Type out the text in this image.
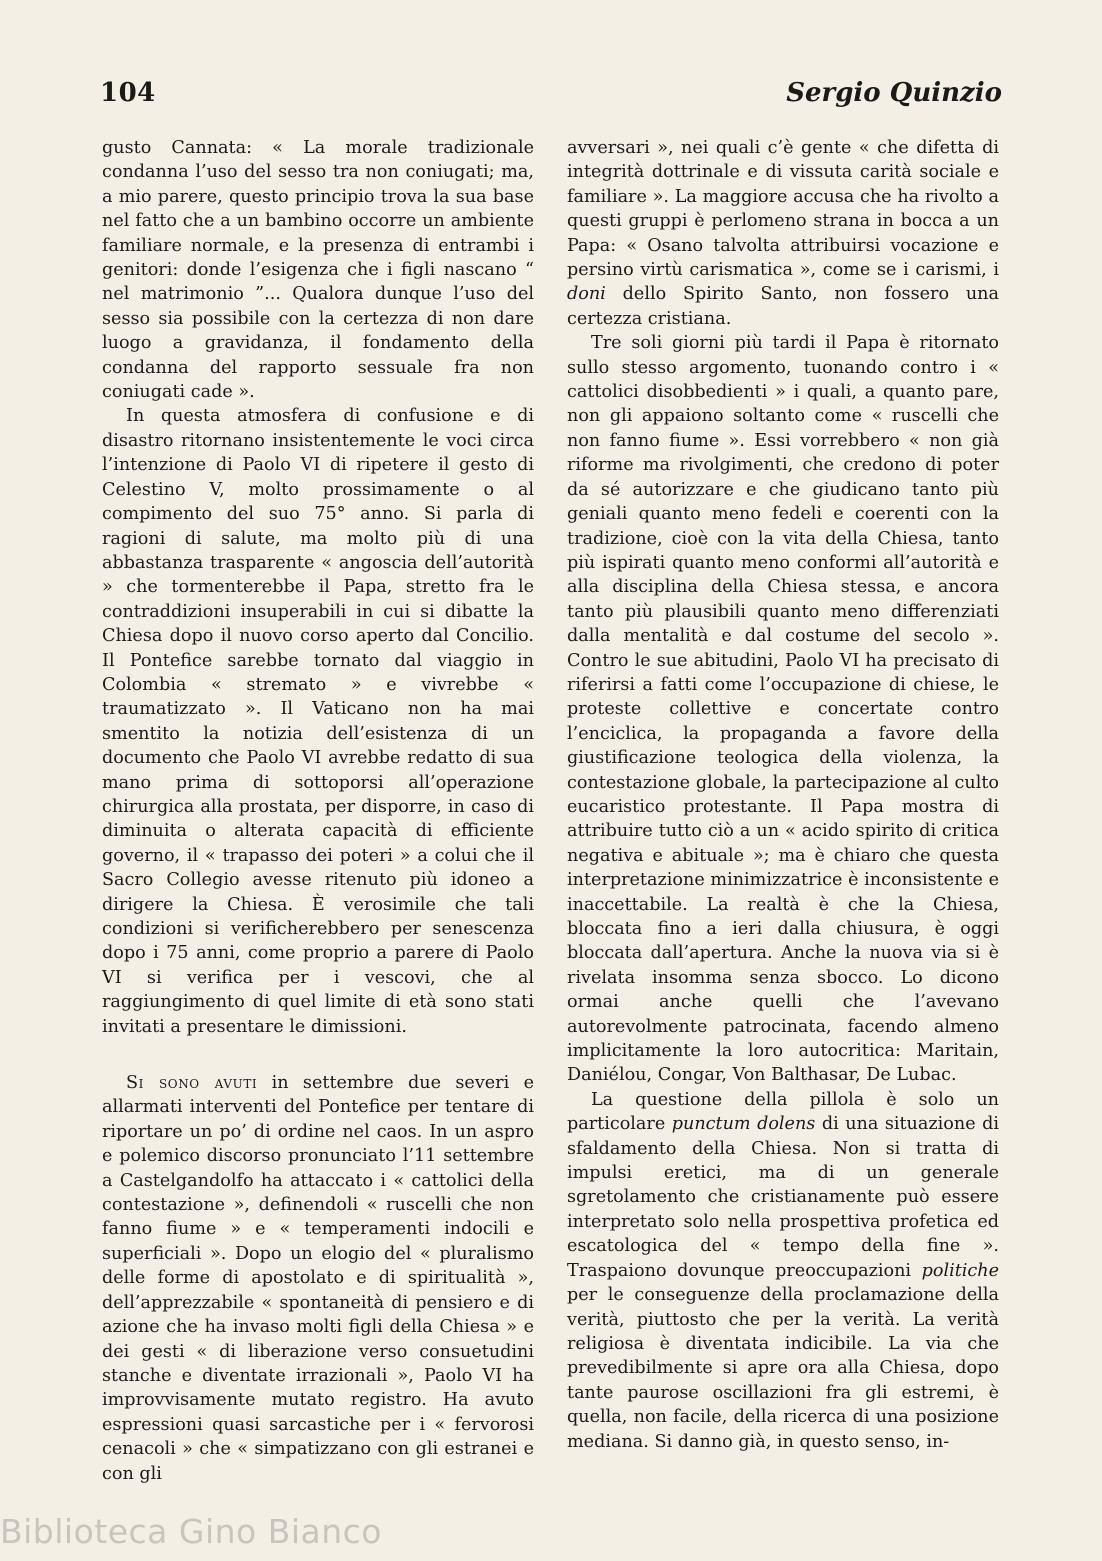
104	Sergio Quinzio

gusto Cannata: « La morale tradizionale condanna l’uso del sesso tra non coniugati; ma, a mio parere, questo principio trova la sua base nel fatto che a un bambino occorre un ambiente familiare normale, e la presenza di entrambi i genitori: donde l’esigenza che i figli nascano “ nel matrimonio ”... Qualora dunque l’uso del sesso sia possibile con la certezza di non dare luogo a gravidanza, il fondamento della condanna del rapporto sessuale fra non coniugati cade ».

In questa atmosfera di confusione e di disastro ritornano insistentemente le voci circa l’intenzione di Paolo VI di ripetere il gesto di Celestino V, molto prossimamente o al compimento del suo 75° anno. Si parla di ragioni di salute, ma molto più di una abbastanza trasparente « angoscia dell’autorità » che tormenterebbe il Papa, stretto fra le contraddizioni insuperabili in cui si dibatte la Chiesa dopo il nuovo corso aperto dal Concilio. Il Pontefice sarebbe tornato dal viaggio in Colombia « stremato » e vivrebbe « traumatizzato ». Il Vaticano non ha mai smentito la notizia dell’esistenza di un documento che Paolo VI avrebbe redatto di sua mano prima di sottoporsi all’operazione chirurgica alla prostata, per disporre, in caso di diminuita o alterata capacità di efficiente governo, il « trapasso dei poteri » a colui che il Sacro Collegio avesse ritenuto più idoneo a dirigere la Chiesa. È verosimile che tali condizioni si verificherebbero per senescenza dopo i 75 anni, come proprio a parere di Paolo VI si verifica per i vescovi, che al raggiungimento di quel limite di età sono stati invitati a presentare le dimissioni.

Si sono avuti in settembre due severi e allarmati interventi del Pontefice per tentare di riportare un po’ di ordine nel caos. In un aspro e polemico discorso pronunciato l’11 settembre a Castelgandolfo ha attaccato i « cattolici della contestazione », definendoli « ruscelli che non fanno fiume » e « temperamenti indocili e superficiali ». Dopo un elogio del « pluralismo delle forme di apostolato e di spiritualità », dell’apprezzabile « spontaneità di pensiero e di azione che ha invaso molti figli della Chiesa » e dei gesti « di liberazione verso consuetudini stanche e diventate irrazionali », Paolo VI ha improvvisamente mutato registro. Ha avuto espressioni quasi sarcastiche per i « fervorosi cenacoli » che « simpatizzano con gli estranei e con gli

avversari », nei quali c’è gente « che difetta di integrità dottrinale e di vissuta carità sociale e familiare ». La maggiore accusa che ha rivolto a questi gruppi è perlomeno strana in bocca a un Papa: « Osano talvolta attribuirsi vocazione e persino virtù carismatica », come se i carismi, i doni dello Spirito Santo, non fossero una certezza cristiana.

Tre soli giorni più tardi il Papa è ritornato sullo stesso argomento, tuonando contro i « cattolici disobbedienti » i quali, a quanto pare, non gli appaiono soltanto come « ruscelli che non fanno fiume ». Essi vorrebbero « non già riforme ma rivolgimenti, che credono di poter da sé autorizzare e che giudicano tanto più geniali quanto meno fedeli e coerenti con la tradizione, cioè con la vita della Chiesa, tanto più ispirati quanto meno conformi all’autorità e alla disciplina della Chiesa stessa, e ancora tanto più plausibili quanto meno differenziati dalla mentalità e dal costume del secolo ». Contro le sue abitudini, Paolo VI ha precisato di riferirsi a fatti come l’occupazione di chiese, le proteste collettive e concertate contro l’enciclica, la propaganda a favore della giustificazione teologica della violenza, la contestazione globale, la partecipazione al culto eucaristico protestante. Il Papa mostra di attribuire tutto ciò a un « acido spirito di critica negativa e abituale »; ma è chiaro che questa interpretazione minimizzatrice è inconsistente e inaccettabile. La realtà è che la Chiesa, bloccata fino a ieri dalla chiusura, è oggi bloccata dall’apertura. Anche la nuova via si è rivelata insomma senza sbocco. Lo dicono ormai anche quelli che l’avevano autorevolmente patrocinata, facendo almeno implicitamente la loro autocritica: Maritain, Daniélou, Congar, Von Balthasar, De Lubac.

La questione della pillola è solo un particolare punctum dolens di una situazione di sfaldamento della Chiesa. Non si tratta di impulsi eretici, ma di un generale sgretolamento che cristianamente può essere interpretato solo nella prospettiva profetica ed escatologica del « tempo della fine ». Traspaiono dovunque preoccupazioni politiche per le conseguenze della proclamazione della verità, piuttosto che per la verità. La verità religiosa è diventata indicibile. La via che prevedibilmente si apre ora alla Chiesa, dopo tante paurose oscillazioni fra gli estremi, è quella, non facile, della ricerca di una posizione mediana. Si danno già, in questo senso, in-

Biblioteca Gino Bianco
